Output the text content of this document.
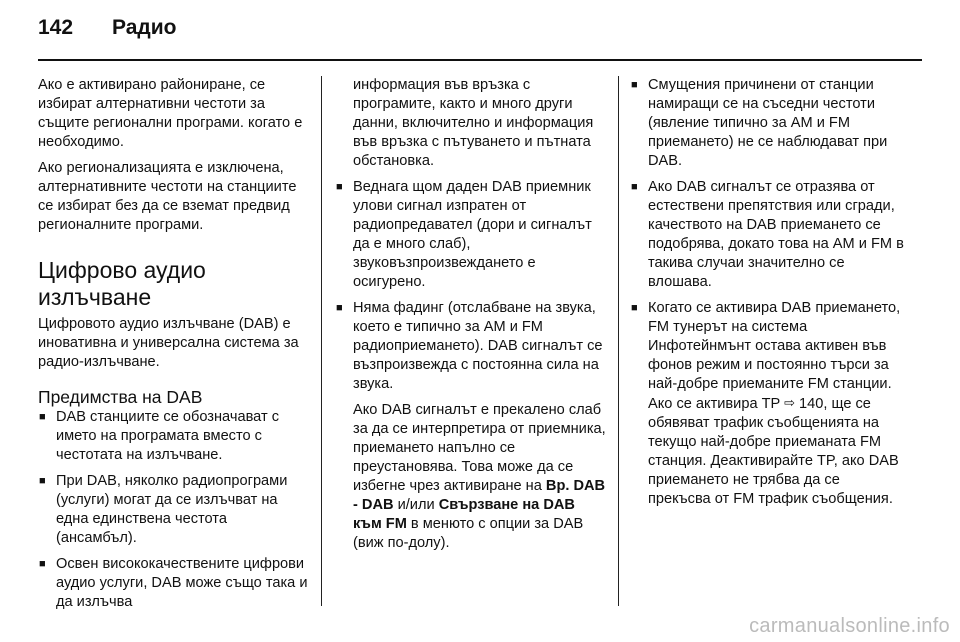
142	Радио

Ако е активирано райониране, се избират алтернативни честоти за същите регионални програми. когато е необходимо.

Ако регионализацията е изключена, алтернативните честоти на станциите се избират без да се вземат предвид регионалните програми.

Цифрово аудио излъчване

Цифровото аудио излъчване (DAB) е иновативна и универсална система за радио-излъчване.

Предимства на DAB
■ DAB станциите се обозначават с името на програмата вместо с честотата на излъчване.
■ При DAB, няколко радиопрограми (услуги) могат да се излъчват на една единствена честота (ансамбъл).
■ Освен висококачествените цифрови аудио услуги, DAB може също така и да излъчва

информация във връзка с програмите, както и много други данни, включително и информация във връзка с пътуването и пътната обстановка.

■ Веднага щом даден DAB приемник улови сигнал изпратен от радиопредавател (дори и сигналът да е много слаб), звуковъзпроизвеждането е осигурено.
■ Няма фадинг (отслабване на звука, което е типично за AM и FM радиоприемането). DAB сигналът се възпроизвежда с постоянна сила на звука.
Ако DAB сигналът е прекалено слаб за да се интерпретира от приемника, приемането напълно се преустановява. Това може да се избегне чрез активиране на Вр. DAB - DAB и/или Свързване на DAB към FM в менюто с опции за DAB (виж по-долу).
■ Смущения причинени от станции намиращи се на съседни честоти (явление типично за AM и FM приемането) не се наблюдават при DAB.
■ Ако DAB сигналът се отразява от естествени препятствия или сгради, качеството на DAB приемането се подобрява, докато това на AM и FM в такива случаи значително се влошава.
■ Когато се активира DAB приемането, FM тунерът на система Инфотейнмънт остава активен във фонов режим и постоянно търси за най-добре приеманите FM станции. Ако се активира TP ⇨ 140, ще се обявяват трафик съобщенията на текущо най-добре приеманата FM станция. Деактивирайте TP, ако DAB приемането не трябва да се прекъсва от FM трафик съобщения.
carmanualsonline.info
